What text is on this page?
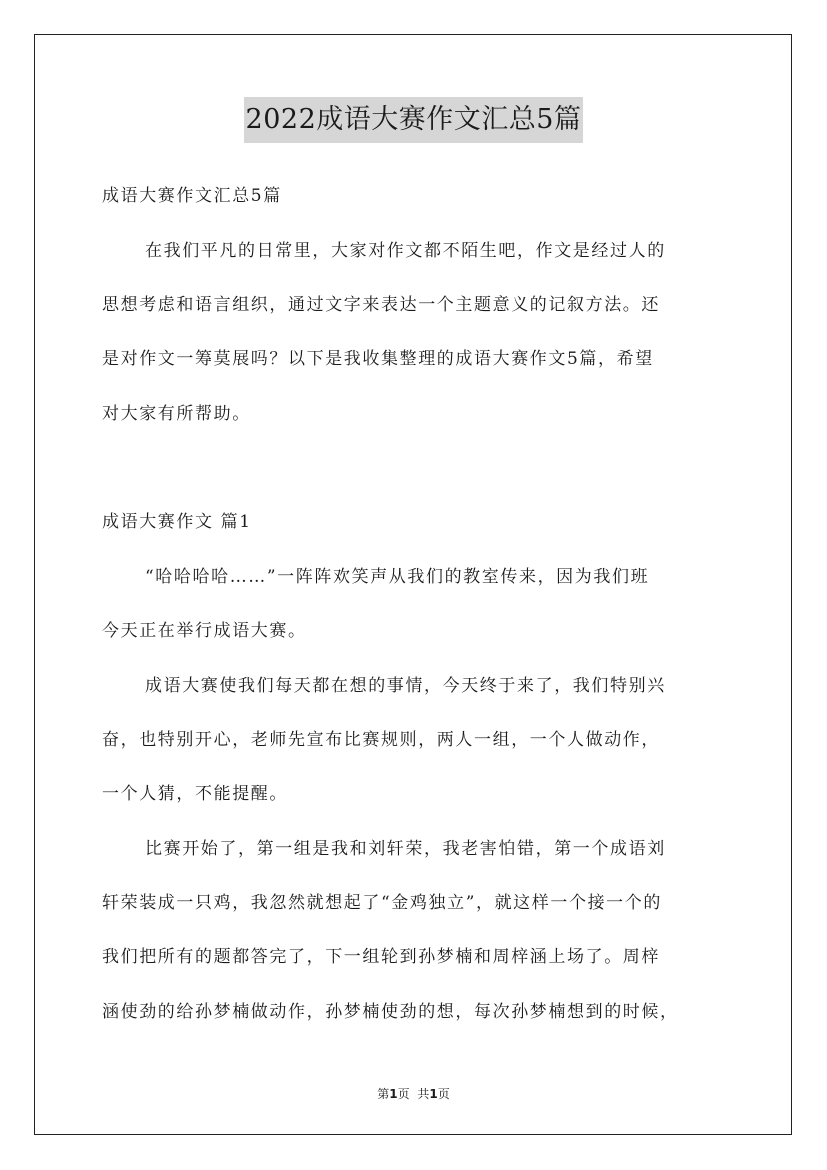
2022成语大赛作文汇总5篇
成语大赛作文汇总5篇
在我们平凡的日常里，大家对作文都不陌生吧，作文是经过人的
思想考虑和语言组织，通过文字来表达一个主题意义的记叙方法。还
是对作文一筹莫展吗？以下是我收集整理的成语大赛作文5篇，希望
对大家有所帮助。
成语大赛作文 篇1
“哈哈哈哈……”一阵阵欢笑声从我们的教室传来，因为我们班
今天正在举行成语大赛。
成语大赛使我们每天都在想的事情，今天终于来了，我们特别兴
奋，也特别开心，老师先宣布比赛规则，两人一组，一个人做动作，
一个人猜，不能提醒。
比赛开始了，第一组是我和刘轩荣，我老害怕错，第一个成语刘
轩荣装成一只鸡，我忽然就想起了“金鸡独立”，就这样一个接一个的
我们把所有的题都答完了，下一组轮到孙梦楠和周梓涵上场了。周梓
涵使劲的给孙梦楠做动作，孙梦楠使劲的想，每次孙梦楠想到的时候，
第1页 共1页
